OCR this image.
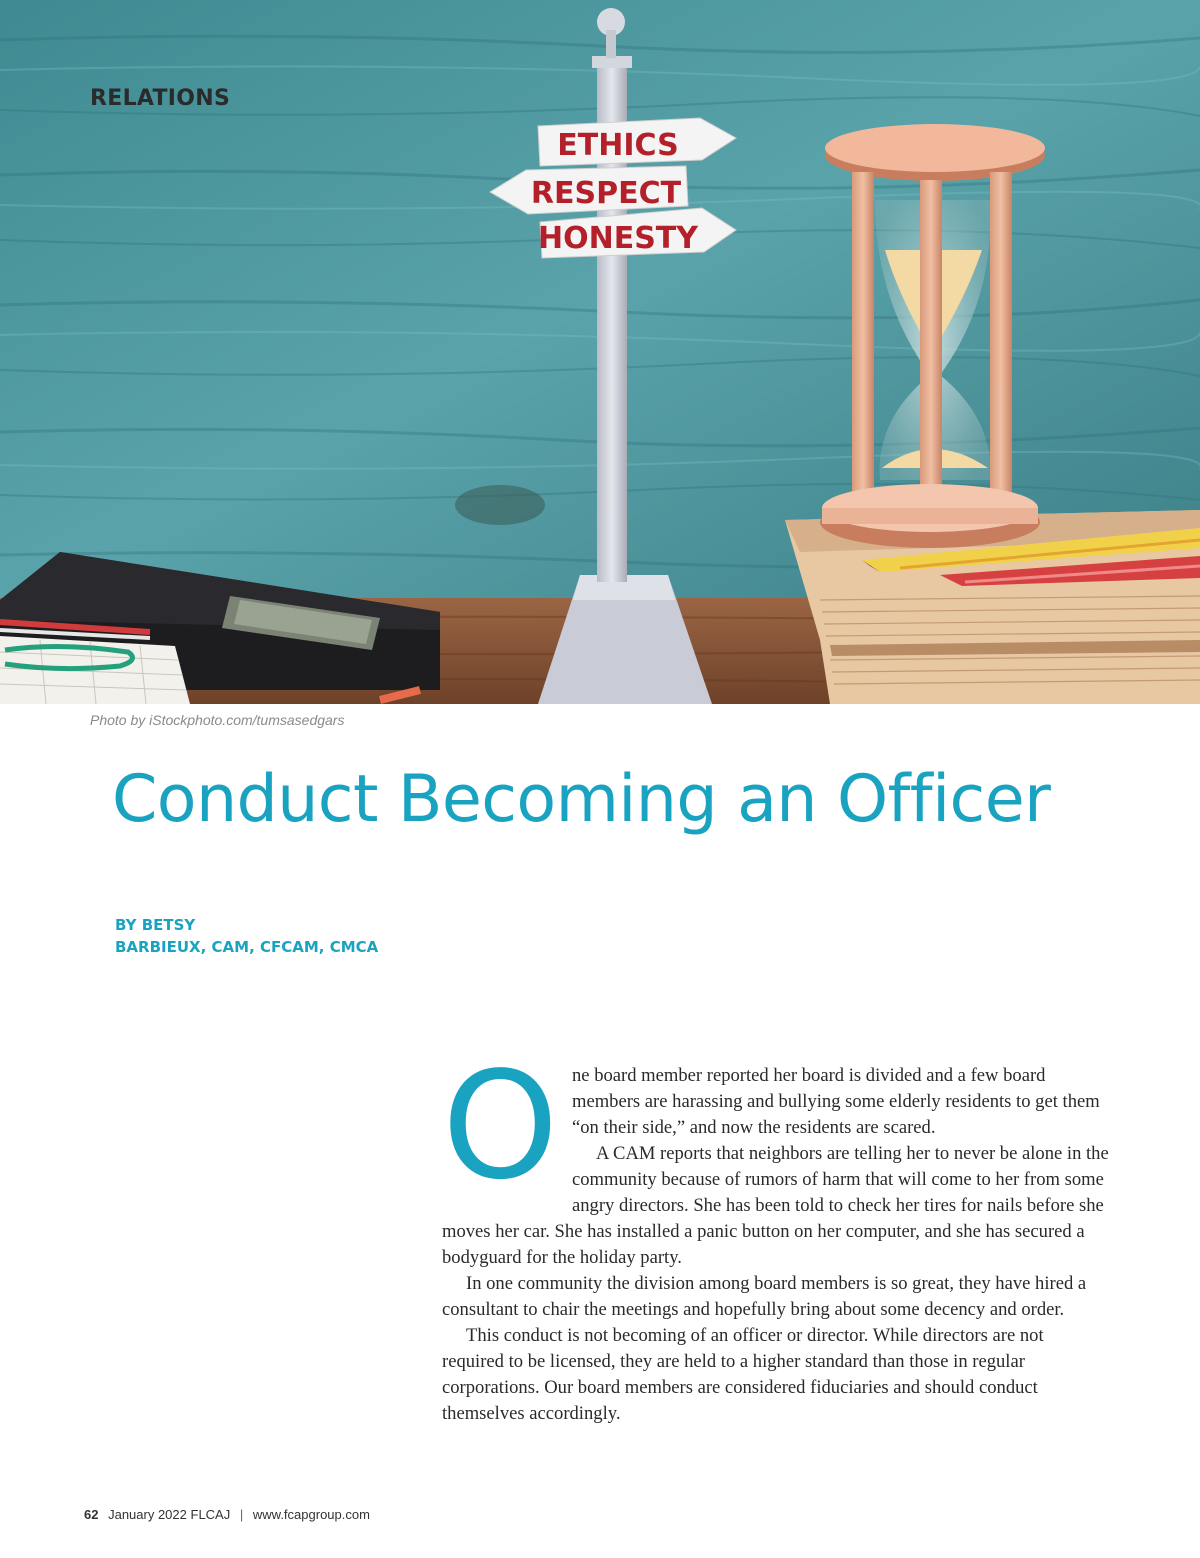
ETHICS
RESPECT
HONESTY
RELATIONS
Photo by iStockphoto.com/tumsasedgars
Conduct Becoming an Officer
BY BETSY
BARBIEUX, CAM, CFCAM, CMCA
O ne board member reported her board is divided and a few board members are harassing and bullying some elderly residents to get them “on their side,” and now the residents are scared.

A CAM reports that neighbors are telling her to never be alone in the community because of rumors of harm that will come to her from some angry directors. She has been told to check her tires for nails before she moves her car. She has installed a panic button on her computer, and she has secured a bodyguard for the holiday party.

In one community the division among board members is so great, they have hired a consultant to chair the meetings and hopefully bring about some decency and order.

This conduct is not becoming of an officer or director. While directors are not required to be licensed, they are held to a higher standard than those in regular corporations. Our board members are considered fiduciaries and should conduct themselves accordingly.

62 January 2022 FLCAJ | www.fcapgroup.com
